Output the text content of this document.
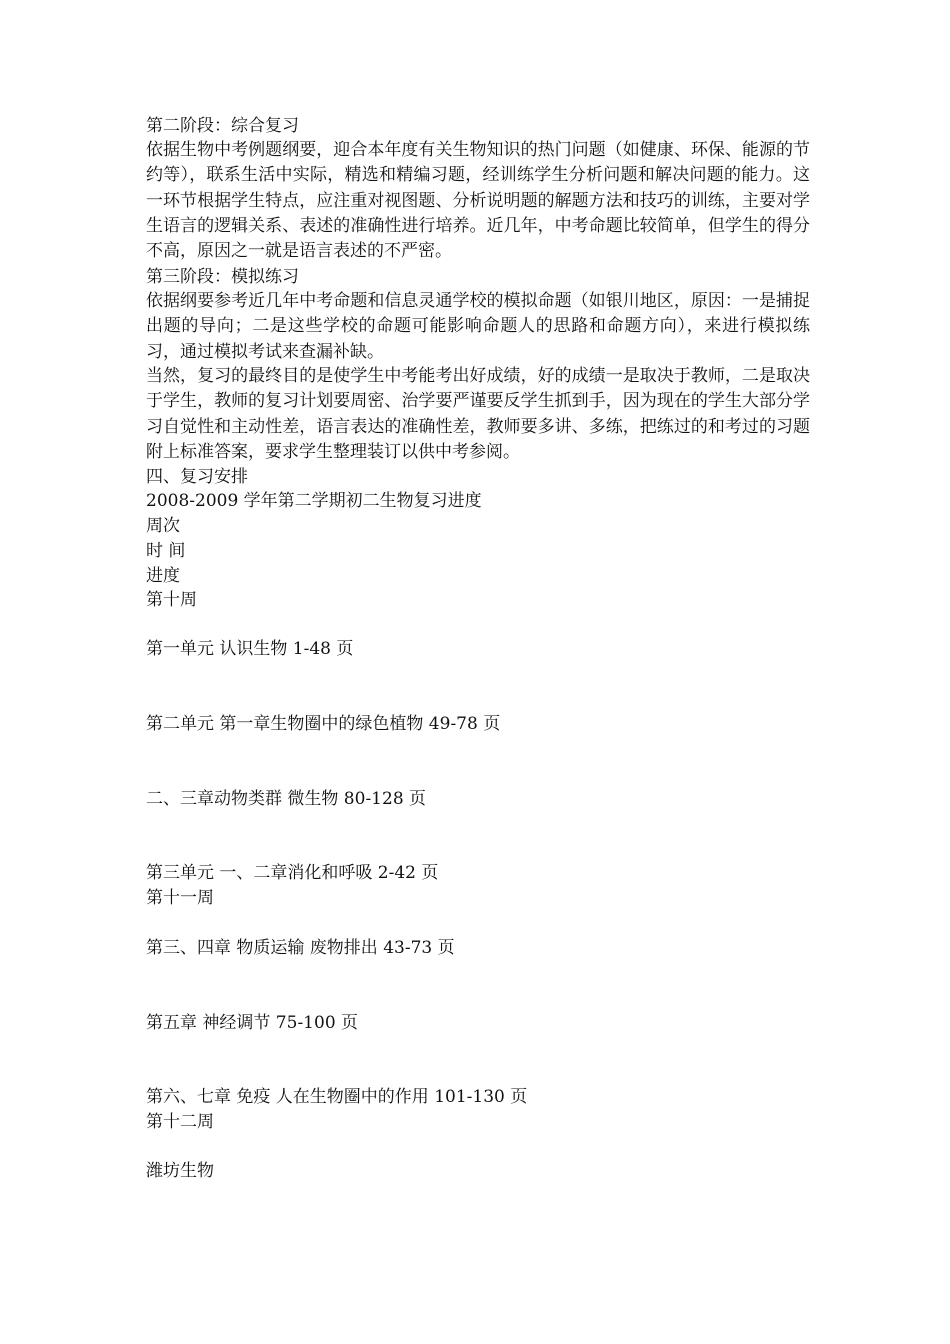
第二阶段：综合复习
依据生物中考例题纲要，迎合本年度有关生物知识的热门问题（如健康、环保、能源的节约等），联系生活中实际，精选和精编习题，经训练学生分析问题和解决问题的能力。这一环节根据学生特点，应注重对视图题、分析说明题的解题方法和技巧的训练，主要对学生语言的逻辑关系、表述的准确性进行培养。近几年，中考命题比较简单，但学生的得分不高，原因之一就是语言表述的不严密。
第三阶段：模拟练习
依据纲要参考近几年中考命题和信息灵通学校的模拟命题（如银川地区，原因：一是捕捉出题的导向；二是这些学校的命题可能影响命题人的思路和命题方向），来进行模拟练习，通过模拟考试来查漏补缺。
当然，复习的最终目的是使学生中考能考出好成绩，好的成绩一是取决于教师，二是取决于学生，教师的复习计划要周密、治学要严谨要反学生抓到手，因为现在的学生大部分学习自觉性和主动性差，语言表达的准确性差，教师要多讲、多练，把练过的和考过的习题附上标准答案，要求学生整理装订以供中考参阅。
四、复习安排
2008-2009 学年第二学期初二生物复习进度
周次
时 间
进度
第十周
第一单元 认识生物 1-48 页
第二单元 第一章生物圈中的绿色植物 49-78 页
二、三章动物类群 微生物 80-128 页
第三单元 一、二章消化和呼吸 2-42 页
第十一周
第三、四章 物质运输 废物排出 43-73 页
第五章 神经调节 75-100 页
第六、七章 免疫 人在生物圈中的作用 101-130 页
第十二周
潍坊生物
